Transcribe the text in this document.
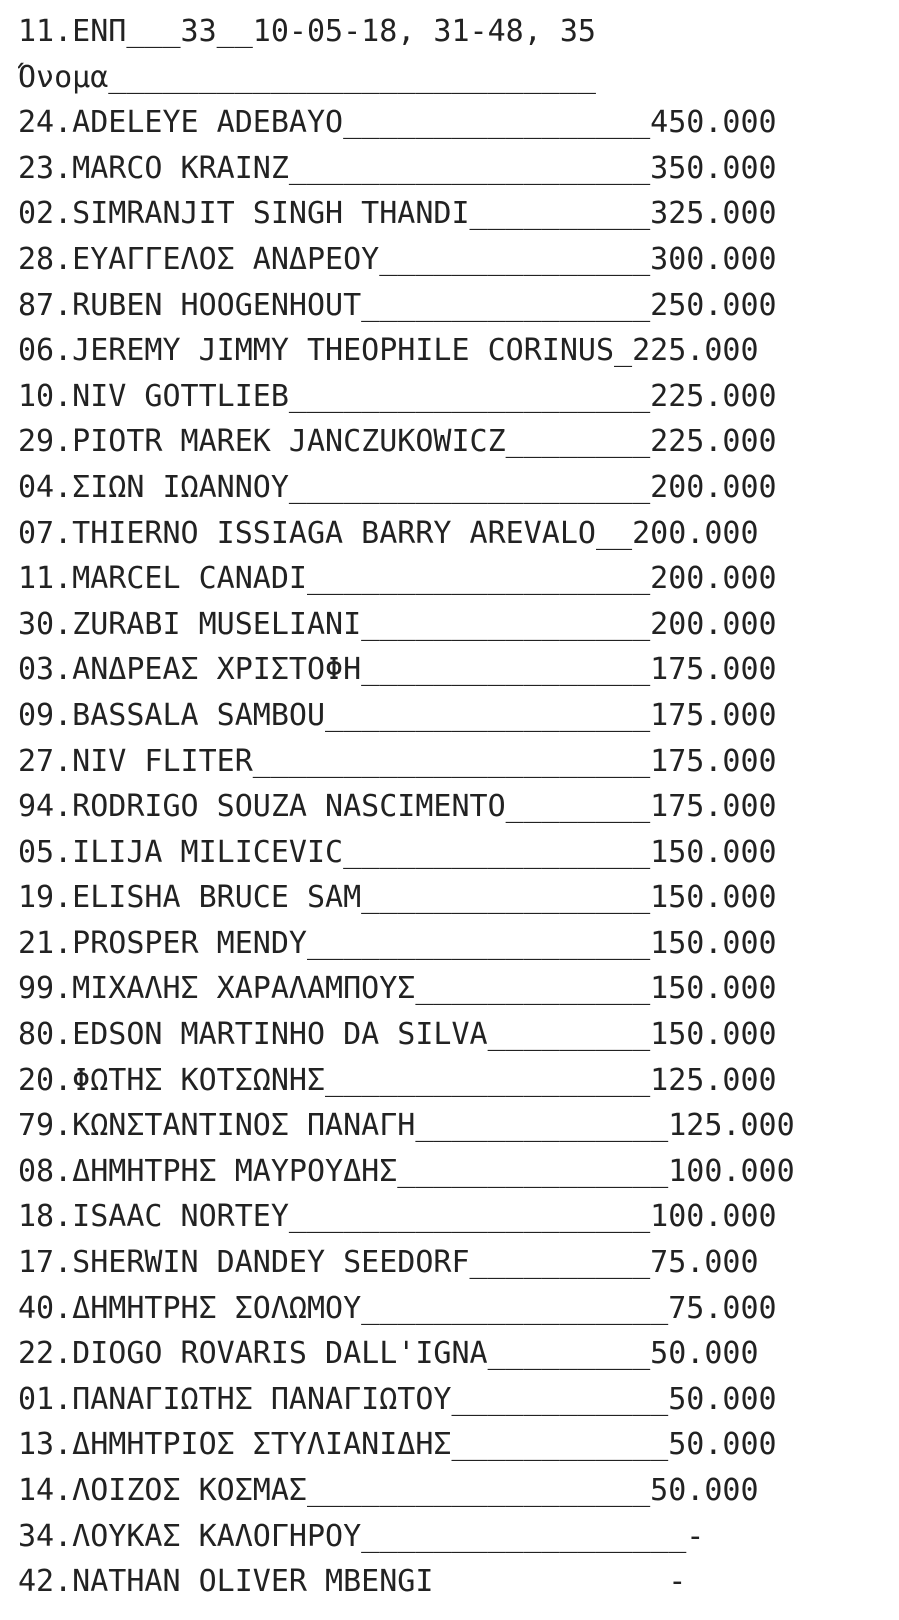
11.ΕΝΠ___33__10-05-18, 31-48, 35
Όνομα___________________________
24.ADELEYE ADEBAYO_________________450.000
23.MARCO KRAINZ____________________350.000
02.SIMRANJIT SINGH THANDI__________325.000
28.ΕΥΑΓΓΕΛΟΣ ΑΝΔΡΕΟΥ_______________300.000
87.RUBEN HOOGENHOUT________________250.000
06.JEREMY JIMMY THEOPHILE CORINUS_225.000
10.NIV GOTTLIEB____________________225.000
29.PIOTR MAREK JANCZUKOWICZ________225.000
04.ΣΙΩΝ ΙΩΑΝΝΟΥ____________________200.000
07.THIERNO ISSIAGA BARRY AREVALO__200.000
11.MARCEL CANADI___________________200.000
30.ZURABI MUSELIANI________________200.000
03.ΑΝΔΡΕΑΣ ΧΡΙΣΤΟΦΗ________________175.000
09.BASSALA SAMBOU__________________175.000
27.NIV FLITER______________________175.000
94.RODRIGO SOUZA NASCIMENTO________175.000
05.ILIJA MILICEVIC_________________150.000
19.ELISHA BRUCE SAM________________150.000
21.PROSPER MENDY___________________150.000
99.ΜΙΧΑΛΗΣ ΧΑΡΑΛΑΜΠΟΥΣ_____________150.000
80.EDSON MARTINHO DA SILVA_________150.000
20.ΦΩΤΗΣ ΚΟΤΣΩΝΗΣ__________________125.000
79.ΚΩΝΣΤΑΝΤΙΝΟΣ ΠΑΝΑΓΗ______________125.000
08.ΔΗΜΗΤΡΗΣ ΜΑΥΡΟΥΔΗΣ_______________100.000
18.ISAAC NORTEY____________________100.000
17.SHERWIN DANDEY SEEDORF__________75.000
40.ΔΗΜΗΤΡΗΣ ΣΟΛΩΜΟΥ_________________75.000
22.DIOGO ROVARIS DALL'IGNA_________50.000
01.ΠΑΝΑΓΙΩΤΗΣ ΠΑΝΑΓΙΩΤΟΥ____________50.000
13.ΔΗΜΗΤΡΙΟΣ ΣΤΥΛΙΑΝΙΔΗΣ____________50.000
14.ΛΟΙΖΟΣ ΚΟΣΜΑΣ___________________50.000
34.ΛΟΥΚΑΣ ΚΑΛΟΓΗΡΟΥ__________________-
42.NATHAN OLIVER MBENGI             -
